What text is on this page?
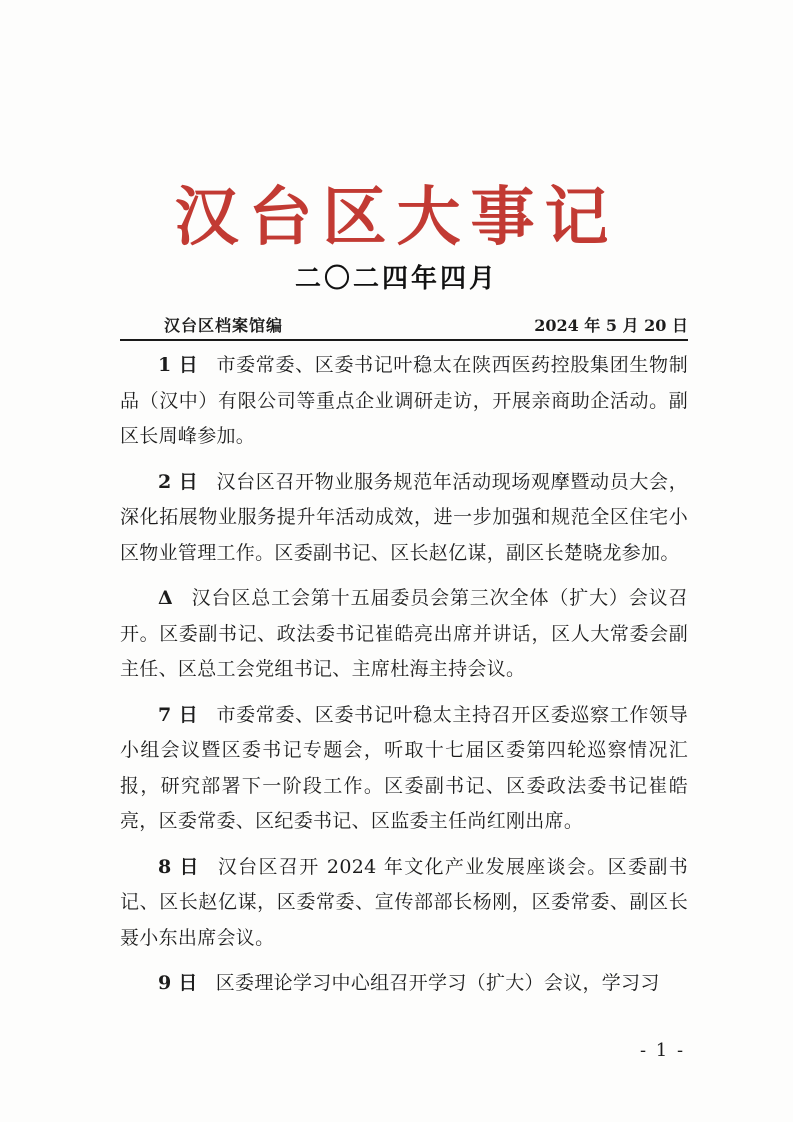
汉台区大事记
二〇二四年四月
汉台区档案馆编	2024 年 5 月 20 日

1 日 市委常委、区委书记叶稳太在陕西医药控股集团生物制品（汉中）有限公司等重点企业调研走访，开展亲商助企活动。副区长周峰参加。

2 日 汉台区召开物业服务规范年活动现场观摩暨动员大会，深化拓展物业服务提升年活动成效，进一步加强和规范全区住宅小区物业管理工作。区委副书记、区长赵亿谋，副区长楚晓龙参加。

Δ 汉台区总工会第十五届委员会第三次全体（扩大）会议召开。区委副书记、政法委书记崔皓亮出席并讲话，区人大常委会副主任、区总工会党组书记、主席杜海主持会议。

7 日 市委常委、区委书记叶稳太主持召开区委巡察工作领导小组会议暨区委书记专题会，听取十七届区委第四轮巡察情况汇报，研究部署下一阶段工作。区委副书记、区委政法委书记崔皓亮，区委常委、区纪委书记、区监委主任尚红刚出席。

8 日 汉台区召开 2024 年文化产业发展座谈会。区委副书记、区长赵亿谋，区委常委、宣传部部长杨刚，区委常委、副区长聂小东出席会议。

9 日 区委理论学习中心组召开学习（扩大）会议，学习习

- 1 -
